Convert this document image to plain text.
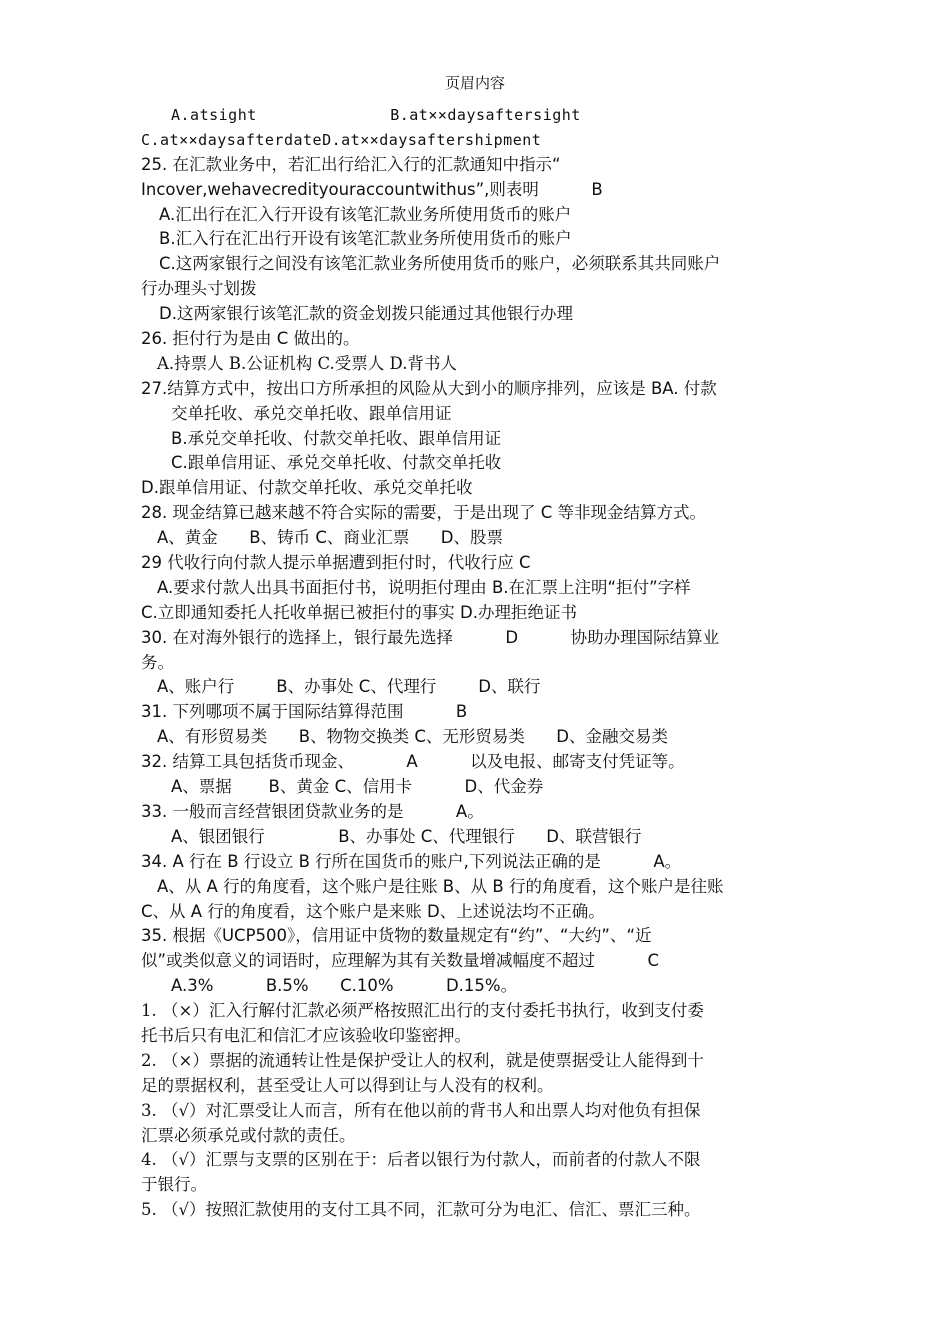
页眉内容
A.atsight              B.at××daysaftersight
C.at××daysafterdateD.at××daysaftershipment
25. 在汇款业务中，若汇出行给汇入行的汇款通知中指示“
Incover,wehavecredityouraccountwithus”,则表明          B
A.汇出行在汇入行开设有该笔汇款业务所使用货币的账户
B.汇入行在汇出行开设有该笔汇款业务所使用货币的账户
C.这两家银行之间没有该笔汇款业务所使用货币的账户，必须联系其共同账户
行办理头寸划拨
D.这两家银行该笔汇款的资金划拨只能通过其他银行办理
26. 拒付行为是由 C 做出的。
A.持票人 B.公证机构 C.受票人 D.背书人
27.结算方式中，按出口方所承担的风险从大到小的顺序排列，应该是 BA. 付款
交单托收、承兑交单托收、跟单信用证
B.承兑交单托收、付款交单托收、跟单信用证
C.跟单信用证、承兑交单托收、付款交单托收
D.跟单信用证、付款交单托收、承兑交单托收
28. 现金结算已越来越不符合实际的需要，于是出现了 C 等非现金结算方式。
A、黄金      B、铸币 C、商业汇票      D、股票
29 代收行向付款人提示单据遭到拒付时，代收行应 C
A.要求付款人出具书面拒付书，说明拒付理由 B.在汇票上注明“拒付”字样
C.立即通知委托人托收单据已被拒付的事实 D.办理拒绝证书
30. 在对海外银行的选择上，银行最先选择          D          协助办理国际结算业
务。
A、账户行        B、办事处 C、代理行        D、联行
31. 下列哪项不属于国际结算得范围          B
A、有形贸易类      B、物物交换类 C、无形贸易类      D、金融交易类
32. 结算工具包括货币现金、          A          以及电报、邮寄支付凭证等。
A、票据       B、黄金 C、信用卡          D、代金券
33. 一般而言经营银团贷款业务的是          A。
A、银团银行              B、办事处 C、代理银行      D、联营银行
34. A 行在 B 行设立 B 行所在国货币的账户,下列说法正确的是          A。
A、从 A 行的角度看，这个账户是往账 B、从 B 行的角度看，这个账户是往账
C、从 A 行的角度看，这个账户是来账 D、上述说法均不正确。
35. 根据《UCP500》，信用证中货物的数量规定有“约”、“大约”、“近
似”或类似意义的词语时，应理解为其有关数量增减幅度不超过          C
A.3%          B.5%      C.10%          D.15%。
1. （×）汇入行解付汇款必须严格按照汇出行的支付委托书执行，收到支付委
托书后只有电汇和信汇才应该验收印鉴密押。
2. （×）票据的流通转让性是保护受让人的权利，就是使票据受让人能得到十
足的票据权利，甚至受让人可以得到让与人没有的权利。
3. （√）对汇票受让人而言，所有在他以前的背书人和出票人均对他负有担保
汇票必须承兑或付款的责任。
4. （√）汇票与支票的区别在于：后者以银行为付款人，而前者的付款人不限
于银行。
5. （√）按照汇款使用的支付工具不同，汇款可分为电汇、信汇、票汇三种。
